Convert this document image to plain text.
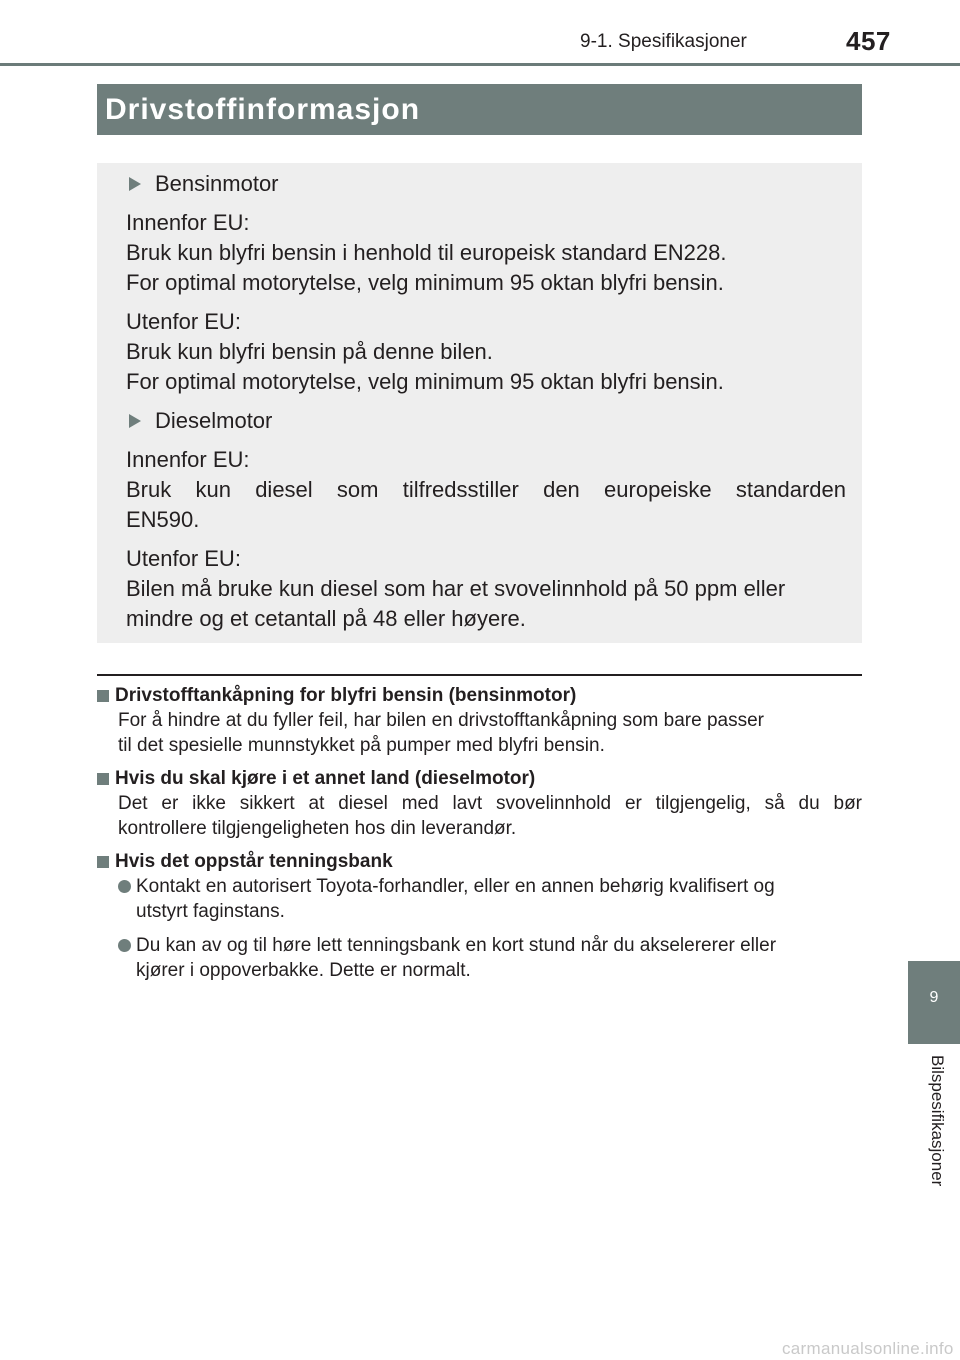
9-1. Spesifikasjoner	457
Drivstoffinformasjon
Bensinmotor
Innenfor EU:
Bruk kun blyfri bensin i henhold til europeisk standard EN228.
For optimal motorytelse, velg minimum 95 oktan blyfri bensin.
Utenfor EU:
Bruk kun blyfri bensin på denne bilen.
For optimal motorytelse, velg minimum 95 oktan blyfri bensin.
Dieselmotor
Innenfor EU:
Bruk kun diesel som tilfredsstiller den europeiske standarden
EN590.
Utenfor EU:
Bilen må bruke kun diesel som har et svovelinnhold på 50 ppm eller
mindre og et cetantall på 48 eller høyere.
Drivstofftankåpning for blyfri bensin (bensinmotor)
For å hindre at du fyller feil, har bilen en drivstofftankåpning som bare passer
til det spesielle munnstykket på pumper med blyfri bensin.
Hvis du skal kjøre i et annet land (dieselmotor)
Det er ikke sikkert at diesel med lavt svovelinnhold er tilgjengelig, så du bør
kontrollere tilgjengeligheten hos din leverandør.
Hvis det oppstår tenningsbank
Kontakt en autorisert Toyota-forhandler, eller en annen behørig kvalifisert og
utstyrt faginstans.
Du kan av og til høre lett tenningsbank en kort stund når du akselererer eller
kjører i oppoverbakke. Dette er normalt.
9
Bilspesifikasjoner
carmanualsonline.info
